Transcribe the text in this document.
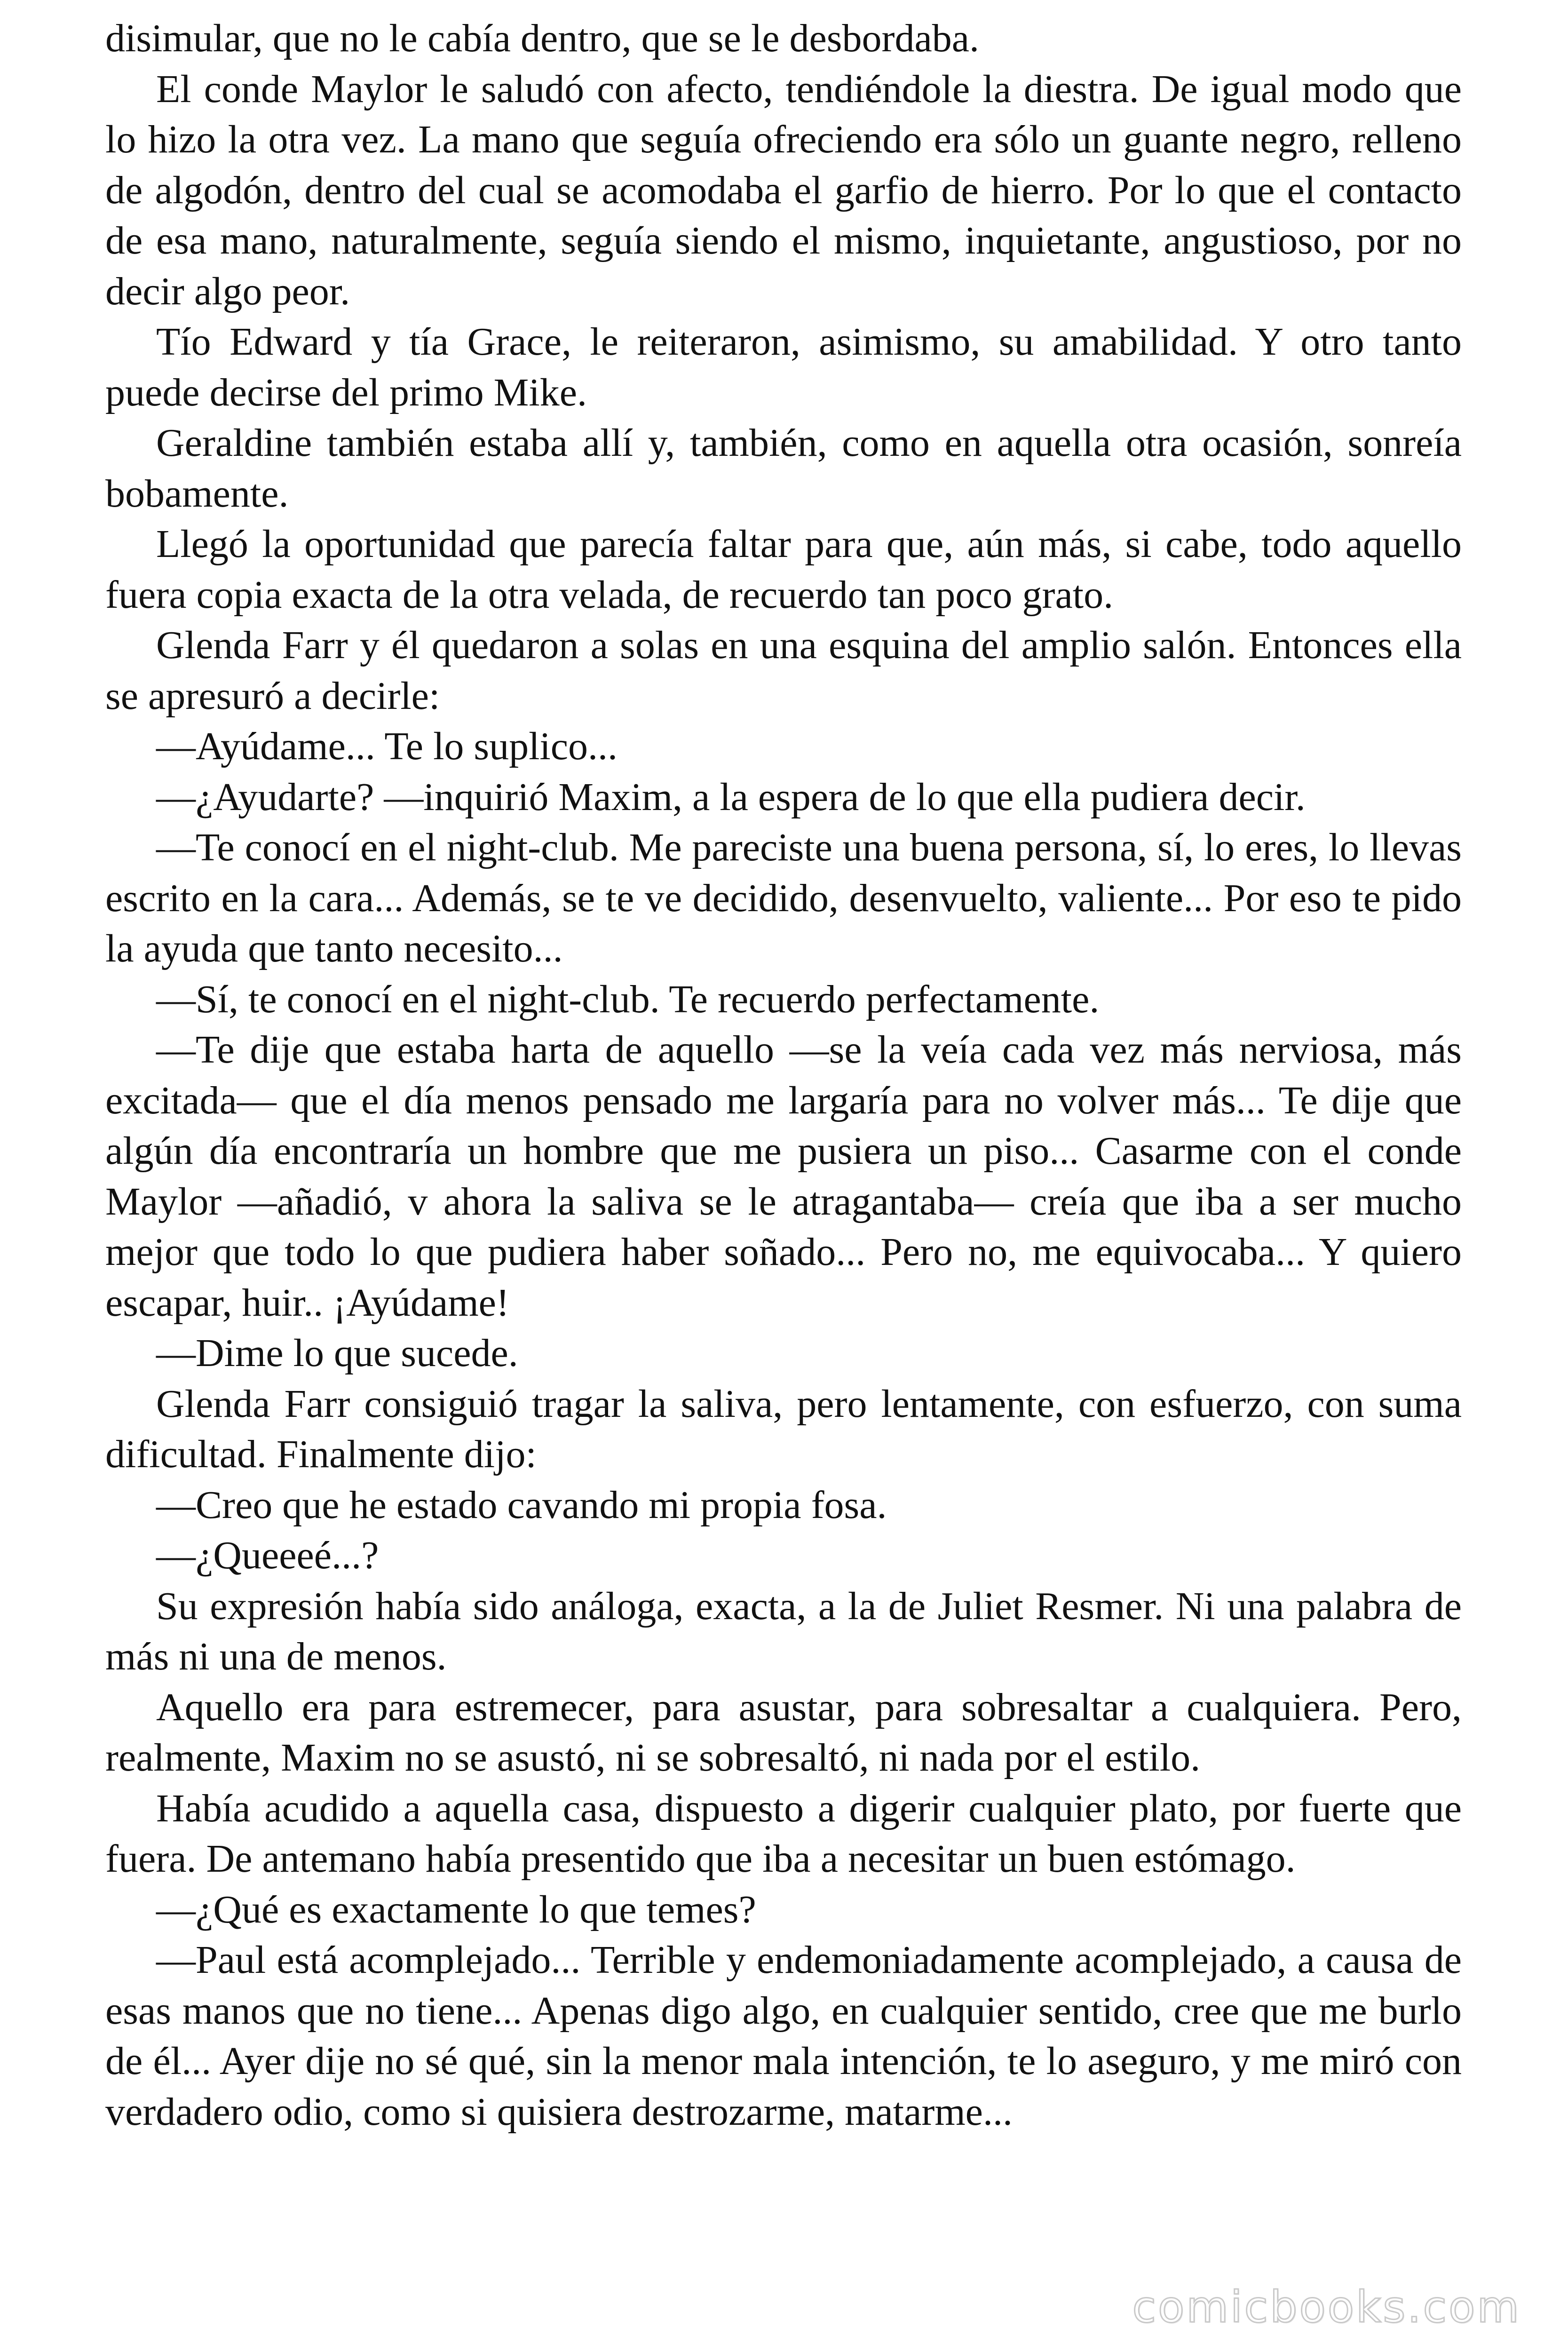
disimular, que no le cabía dentro, que se le desbordaba.

El conde Maylor le saludó con afecto, tendiéndole la diestra. De igual modo que lo hizo la otra vez. La mano que seguía ofreciendo era sólo un guante negro, relleno de algodón, dentro del cual se acomodaba el garfio de hierro. Por lo que el contacto de esa mano, naturalmente, seguía siendo el mismo, inquietante, angustioso, por no decir algo peor.

Tío Edward y tía Grace, le reiteraron, asimismo, su amabilidad. Y otro tanto puede decirse del primo Mike.

Geraldine también estaba allí y, también, como en aquella otra ocasión, sonreía bobamente.

Llegó la oportunidad que parecía faltar para que, aún más, si cabe, todo aquello fuera copia exacta de la otra velada, de recuerdo tan poco grato.

Glenda Farr y él quedaron a solas en una esquina del amplio salón. Entonces ella se apresuró a decirle:

—Ayúdame... Te lo suplico...

—¿Ayudarte? —inquirió Maxim, a la espera de lo que ella pudiera decir.

—Te conocí en el night-club. Me pareciste una buena persona, sí, lo eres, lo llevas escrito en la cara... Además, se te ve decidido, desenvuelto, valiente... Por eso te pido la ayuda que tanto necesito...

—Sí, te conocí en el night-club. Te recuerdo perfectamente.

—Te dije que estaba harta de aquello —se la veía cada vez más nerviosa, más excitada— que el día menos pensado me largaría para no volver más... Te dije que algún día encontraría un hombre que me pusiera un piso... Casarme con el conde Maylor —añadió, v ahora la saliva se le atragantaba— creía que iba a ser mucho mejor que todo lo que pudiera haber soñado... Pero no, me equivocaba... Y quiero escapar, huir.. ¡Ayúdame!

—Dime lo que sucede.

Glenda Farr consiguió tragar la saliva, pero lentamente, con esfuerzo, con suma dificultad. Finalmente dijo:

—Creo que he estado cavando mi propia fosa.

—¿Queeeé...?

Su expresión había sido análoga, exacta, a la de Juliet Resmer. Ni una palabra de más ni una de menos.

Aquello era para estremecer, para asustar, para sobresaltar a cualquiera. Pero, realmente, Maxim no se asustó, ni se sobresaltó, ni nada por el estilo.

Había acudido a aquella casa, dispuesto a digerir cualquier plato, por fuerte que fuera. De antemano había presentido que iba a necesitar un buen estómago.

—¿Qué es exactamente lo que temes?

—Paul está acomplejado... Terrible y endemoniadamente acomplejado, a causa de esas manos que no tiene... Apenas digo algo, en cualquier sentido, cree que me burlo de él... Ayer dije no sé qué, sin la menor mala intención, te lo aseguro, y me miró con verdadero odio, como si quisiera destrozarme, matarme...

comicbooks.com
